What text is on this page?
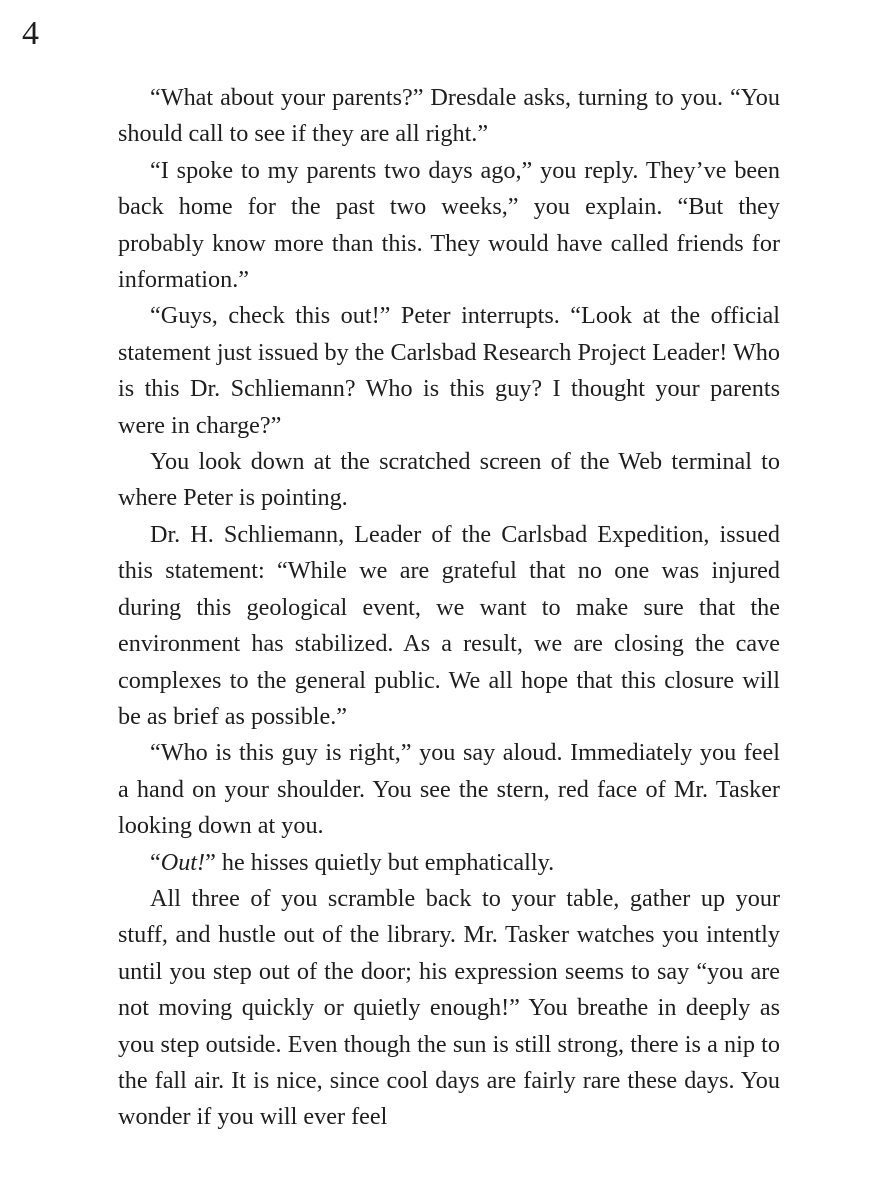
4

“What about your parents?” Dresdale asks, turning to you. “You should call to see if they are all right.”

“I spoke to my parents two days ago,” you reply. They’ve been back home for the past two weeks,” you explain. “But they probably know more than this. They would have called friends for information.”

“Guys, check this out!” Peter interrupts. “Look at the official statement just issued by the Carlsbad Research Project Leader! Who is this Dr. Schliemann? Who is this guy? I thought your parents were in charge?”

You look down at the scratched screen of the Web terminal to where Peter is pointing.

Dr. H. Schliemann, Leader of the Carlsbad Expedition, issued this statement: “While we are grateful that no one was injured during this geological event, we want to make sure that the environment has stabilized. As a result, we are closing the cave complexes to the general public. We all hope that this closure will be as brief as possible.”

“Who is this guy is right,” you say aloud. Immediately you feel a hand on your shoulder. You see the stern, red face of Mr. Tasker looking down at you.

“Out!” he hisses quietly but emphatically.

All three of you scramble back to your table, gather up your stuff, and hustle out of the library. Mr. Tasker watches you intently until you step out of the door; his expression seems to say “you are not moving quickly or quietly enough!” You breathe in deeply as you step outside. Even though the sun is still strong, there is a nip to the fall air. It is nice, since cool days are fairly rare these days. You wonder if you will ever feel
